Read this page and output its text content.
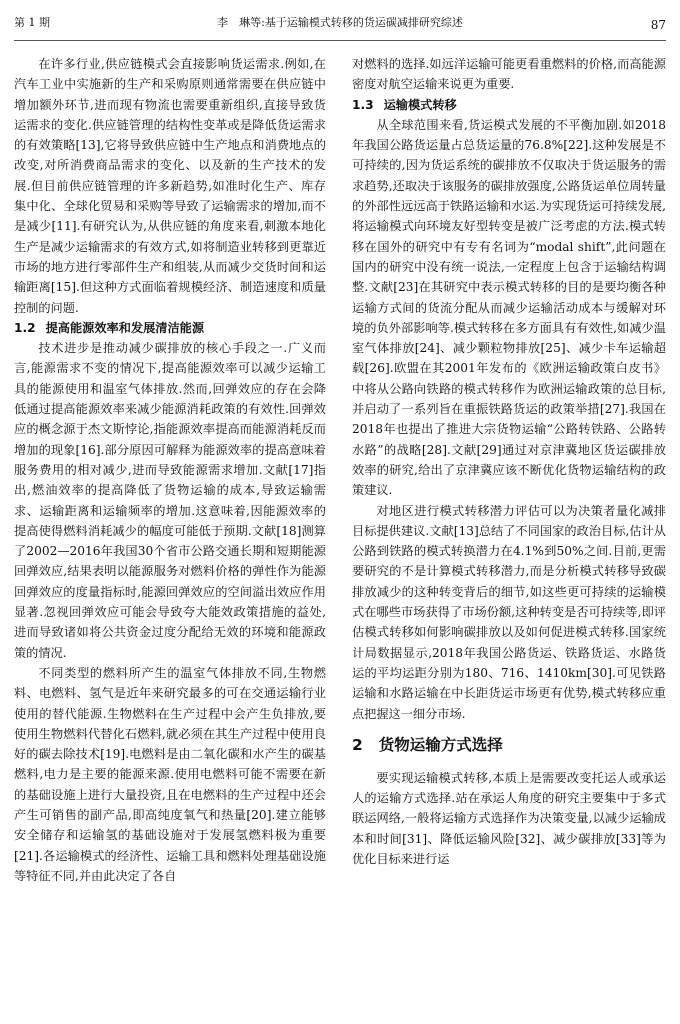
第 1 期	李　琳等:基于运输模式转移的货运碳减排研究综述	87

在许多行业,供应链模式会直接影响货运需求.例如,在汽车工业中实施新的生产和采购原则通常需要在供应链中增加额外环节,进而现有物流也需要重新组织,直接导致货运需求的变化.供应链管理的结构性变革或是降低货运需求的有效策略[13],它将导致供应链中生产地点和消费地点的改变,对所消费商品需求的变化、以及新的生产技术的发展.但目前供应链管理的许多新趋势,如准时化生产、库存集中化、全球化贸易和采购等导致了运输需求的增加,而不是减少[11].有研究认为,从供应链的角度来看,刺激本地化生产是减少运输需求的有效方式,如将制造业转移到更靠近市场的地方进行零部件生产和组装,从而减少交货时间和运输距离[15].但这种方式面临着规模经济、制造速度和质量控制的问题.

1.2 提高能源效率和发展清洁能源

技术进步是推动减少碳排放的核心手段之一.广义而言,能源需求不变的情况下,提高能源效率可以减少运输工具的能源使用和温室气体排放.然而,回弹效应的存在会降低通过提高能源效率来减少能源消耗政策的有效性.回弹效应的概念源于杰文斯悖论,指能源效率提高而能源消耗反而增加的现象[16].部分原因可解释为能源效率的提高意味着服务费用的相对减少,进而导致能源需求增加.文献[17]指出,燃油效率的提高降低了货物运输的成本,导致运输需求、运输距离和运输频率的增加.这意味着,因能源效率的提高使得燃料消耗减少的幅度可能低于预期.文献[18]测算了2002—2016年我国30个省市公路交通长期和短期能源回弹效应,结果表明以能源服务对燃料价格的弹性作为能源回弹效应的度量指标时,能源回弹效应的空间溢出效应作用显著.忽视回弹效应可能会导致夸大能效政策措施的益处,进而导致诸如将公共资金过度分配给无效的环境和能源政策的情况.

不同类型的燃料所产生的温室气体排放不同,生物燃料、电燃料、氢气是近年来研究最多的可在交通运输行业使用的替代能源.生物燃料在生产过程中会产生负排放,要使用生物燃料代替化石燃料,就必须在其生产过程中使用良好的碳去除技术[19].电燃料是由二氧化碳和水产生的碳基燃料,电力是主要的能源来源.使用电燃料可能不需要在新的基础设施上进行大量投资,且在电燃料的生产过程中还会产生可销售的副产品,即高纯度氧气和热量[20].建立能够安全储存和运输氢的基础设施对于发展氢燃料极为重要[21].各运输模式的经济性、运输工具和燃料处理基础设施等特征不同,并由此决定了各自

对燃料的选择.如远洋运输可能更看重燃料的价格,而高能源密度对航空运输来说更为重要.

1.3 运输模式转移

从全球范围来看,货运模式发展的不平衡加剧.如2018年我国公路货运量占总货运量的76.8%[22].这种发展是不可持续的,因为货运系统的碳排放不仅取决于货运服务的需求趋势,还取决于该服务的碳排放强度,公路货运单位周转量的外部性远远高于铁路运输和水运.为实现货运可持续发展,将运输模式向环境友好型转变是被广泛考虑的方法.模式转移在国外的研究中有专有名词为“modal shift”,此问题在国内的研究中没有统一说法,一定程度上包含于运输结构调整.文献[23]在其研究中表示模式转移的目的是要均衡各种运输方式间的货流分配从而减少运输活动成本与缓解对环境的负外部影响等.模式转移在多方面具有有效性,如减少温室气体排放[24]、减少颗粒物排放[25]、减少卡车运输超载[26].欧盟在其2001年发布的《欧洲运输政策白皮书》中将从公路向铁路的模式转移作为欧洲运输政策的总目标,并启动了一系列旨在重振铁路货运的政策举措[27].我国在2018年也提出了推进大宗货物运输“公路转铁路、公路转水路”的战略[28].文献[29]通过对京津冀地区货运碳排放效率的研究,给出了京津冀应该不断优化货物运输结构的政策建议.

对地区进行模式转移潜力评估可以为决策者量化减排目标提供建议.文献[13]总结了不同国家的政治目标,估计从公路到铁路的模式转换潜力在4.1%到50%之间.目前,更需要研究的不是计算模式转移潜力,而是分析模式转移导致碳排放减少的这种转变背后的细节,如这些更可持续的运输模式在哪些市场获得了市场份额,这种转变是否可持续等,即评估模式转移如何影响碳排放以及如何促进模式转移.国家统计局数据显示,2018年我国公路货运、铁路货运、水路货运的平均运距分别为180、716、1410km[30].可见铁路运输和水路运输在中长距货运市场更有优势,模式转移应重点把握这一细分市场.

2 货物运输方式选择

要实现运输模式转移,本质上是需要改变托运人或承运人的运输方式选择.站在承运人角度的研究主要集中于多式联运网络,一般将运输方式选择作为决策变量,以减少运输成本和时间[31]、降低运输风险[32]、减少碳排放[33]等为优化目标来进行运
